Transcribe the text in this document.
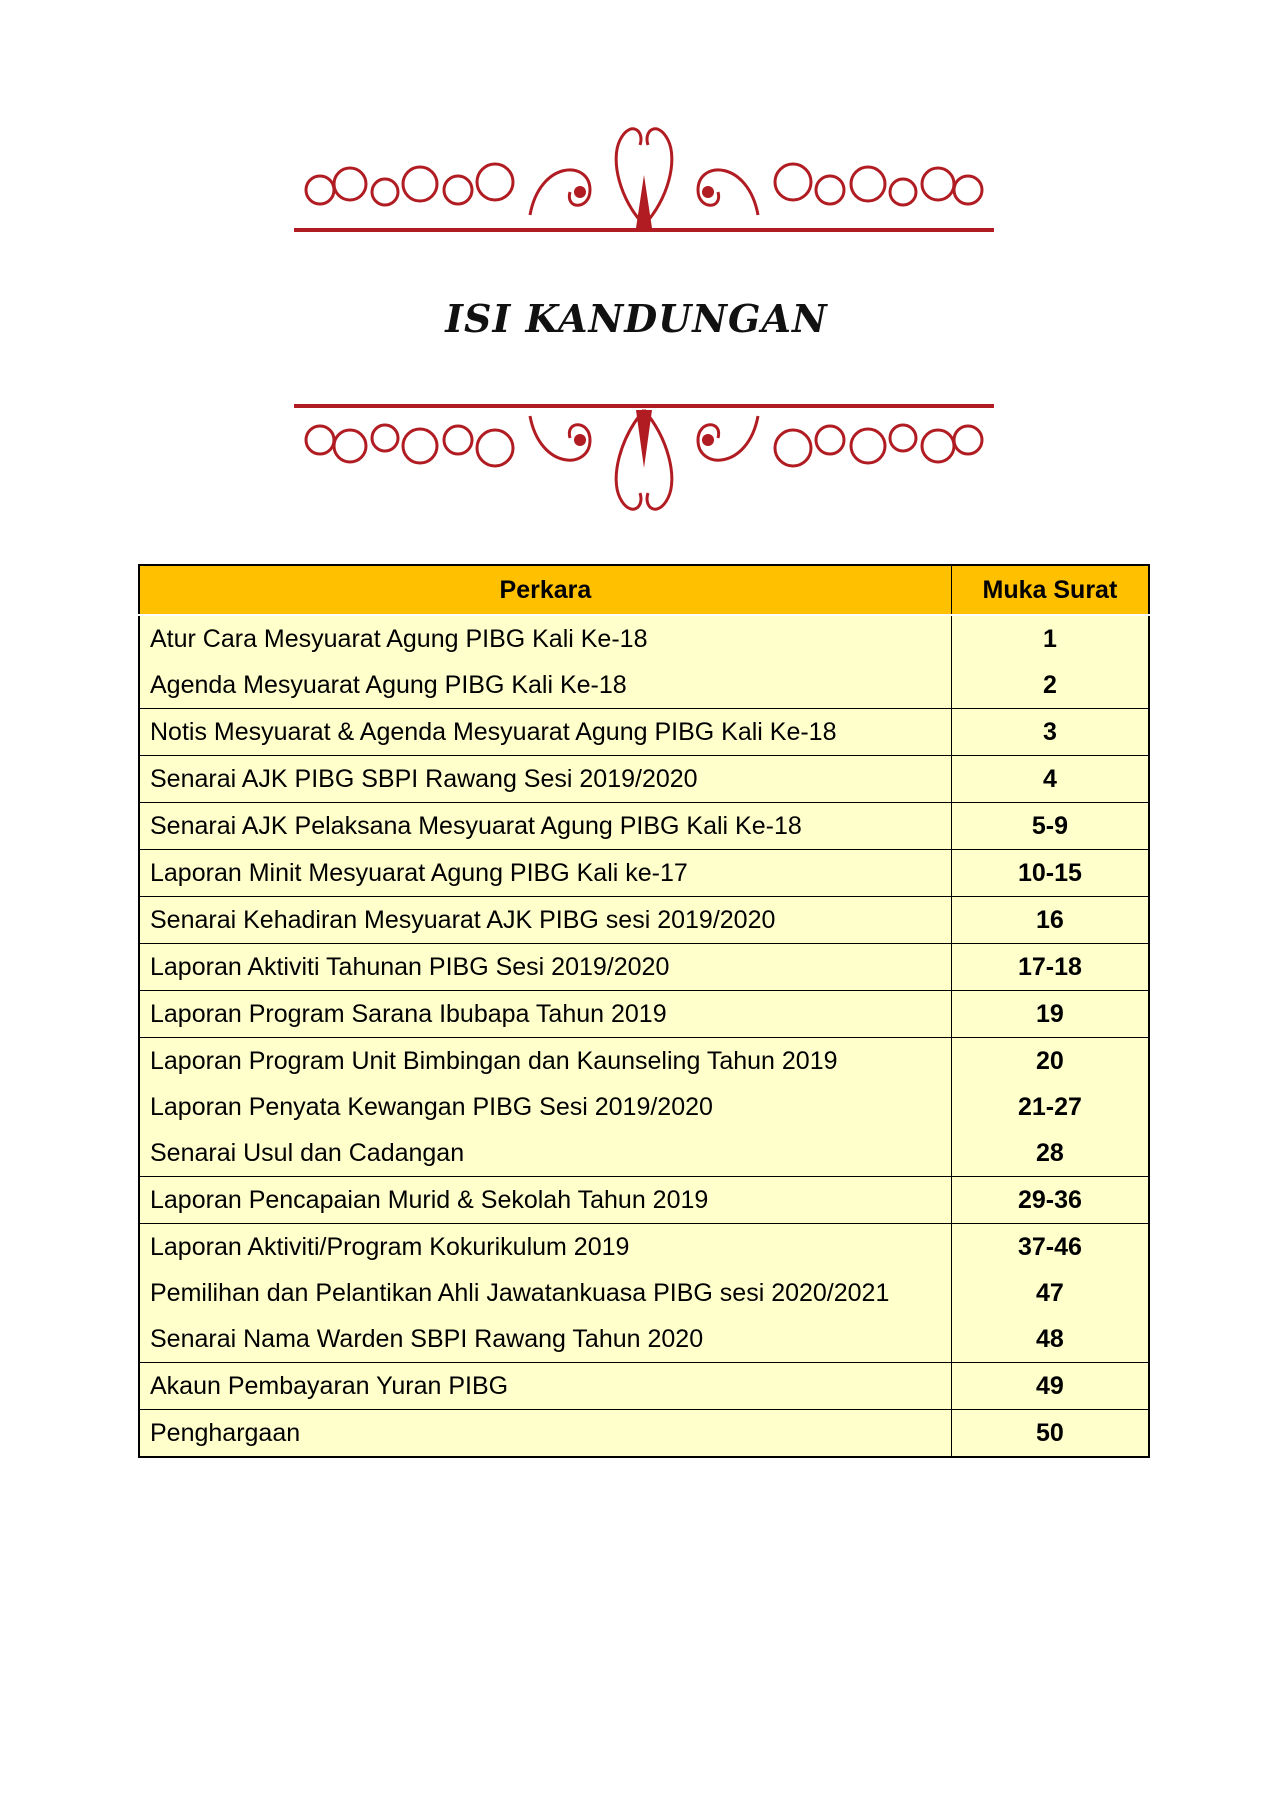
ISI KANDUNGAN
Perkara	Muka Surat
Atur Cara Mesyuarat Agung PIBG Kali Ke-18	1
Agenda Mesyuarat Agung PIBG Kali Ke-18	2
Notis Mesyuarat & Agenda Mesyuarat Agung PIBG Kali Ke-18	3
Senarai AJK PIBG SBPI Rawang Sesi 2019/2020	4
Senarai AJK Pelaksana Mesyuarat Agung PIBG Kali Ke-18	5-9
Laporan Minit Mesyuarat Agung PIBG Kali ke-17	10-15
Senarai Kehadiran Mesyuarat AJK PIBG sesi 2019/2020	16
Laporan Aktiviti Tahunan PIBG Sesi 2019/2020	17-18
Laporan Program Sarana Ibubapa Tahun 2019	19
Laporan Program Unit Bimbingan dan Kaunseling Tahun 2019	20
Laporan Penyata Kewangan PIBG Sesi 2019/2020	21-27
Senarai Usul dan Cadangan	28
Laporan Pencapaian Murid & Sekolah Tahun 2019	29-36
Laporan Aktiviti/Program Kokurikulum 2019	37-46
Pemilihan dan Pelantikan Ahli Jawatankuasa PIBG sesi 2020/2021	47
Senarai Nama Warden SBPI Rawang Tahun 2020	48
Akaun Pembayaran Yuran PIBG	49
Penghargaan	50
